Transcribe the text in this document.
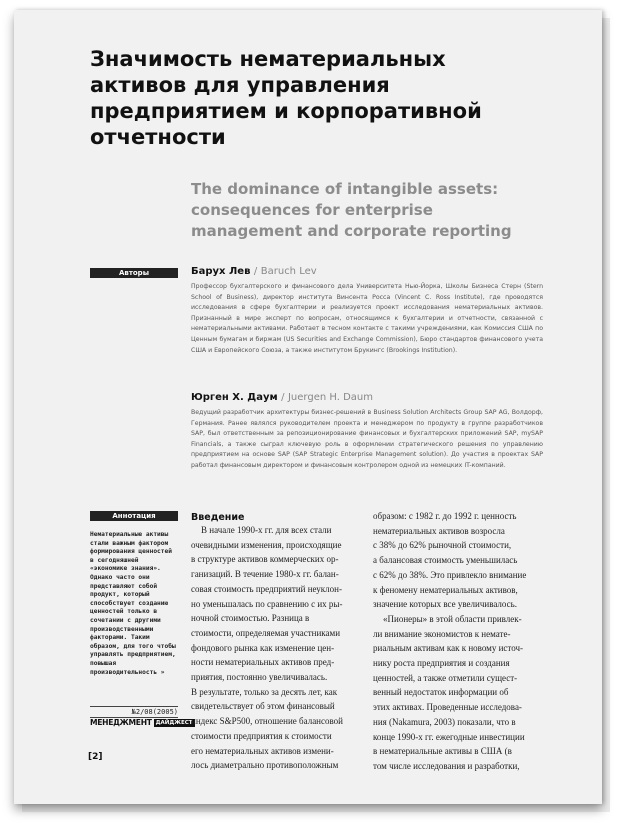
Значимость нематериальных активов для управления предприятием и корпоративной отчетности
The dominance of intangible assets: consequences for enterprise management and corporate reporting
Авторы	Барух Лев / Baruch Lev

Профессор бухгалтерского и финансового дела Университета Нью-Йорка, Школы Бизнеса Стерн (Stern School of Business), директор института Винсента Росса (Vincent C. Ross Institute), где проводятся исследования в сфере бухгалтерии и реализуется проект исследования нематериальных активов. Признанный в мире эксперт по вопросам, относящимся к бухгалтерии и отчетности, связанной с нематериальными активами. Работает в тесном контакте с такими учреждениями, как Комиссия США по Ценным бумагам и биржам (US Securities and Exchange Commission), Бюро стандартов финансового учета США и Европейского Союза, а также институтом Брукингс (Brookings Institution).

Юрген Х. Даум / Juergen H. Daum

Ведущий разработчик архитектуры бизнес-решений в Business Solution Architects Group SAP AG, Волдорф, Германия. Ранее являлся руководителем проекта и менеджером по продукту в группе разработчиков SAP, был ответственным за репозиционирование финансовых и бухгалтерских приложений SAP, mySAP Financials, а также сыграл ключевую роль в оформлении стратегического решения по управлению предприятием на основе SAP (SAP Strategic Enterprise Management solution). До участия в проектах SAP работал финансовым директором и финансовым контролером одной из немецких IT-компаний.

Аннотация

Нематериальные активы стали важным фактором формирования ценностей в сегодняшней «экономике знания». Однако часто они представляют собой продукт, который способствует созданию ценностей только в сочетании с другими производственными факторами. Таким образом, для того чтобы управлять предприятием, повышая производительность »

№2/08(2005)
МЕНЕДЖМЕНТ ДАЙДЖЕСТ
[2]
Введение
В начале 1990-х гг. для всех стали
очевидными изменения, происходящие
в структуре активов коммерческих ор-
ганизаций. В течение 1980-х гг. балан-
совая стоимость предприятий неуклон-
но уменьшалась по сравнению с их ры-
ночной стоимостью. Разница в
стоимости, определяемая участниками
фондового рынка как изменение цен-
ности нематериальных активов пред-
приятия, постоянно увеличивалась.
В результате, только за десять лет, как
свидетельствует об этом финансовый
индекс S&P500, отношение балансовой
стоимости предприятия к стоимости
его нематериальных активов измени-
лось диаметрально противоположным
образом: с 1982 г. до 1992 г. ценность
нематериальных активов возросла
с 38% до 62% рыночной стоимости,
а балансовая стоимость уменьшилась
с 62% до 38%. Это привлекло внимание
к феномену нематериальных активов,
значение которых все увеличивалось.
«Пионеры» в этой области привлек-
ли внимание экономистов к немате-
риальным активам как к новому источ-
нику роста предприятия и создания
ценностей, а также отметили сущест-
венный недостаток информации об
этих активах. Проведенные исследова-
ния (Nakamura, 2003) показали, что в
конце 1990-х гг. ежегодные инвестиции
в нематериальные активы в США (в
том числе исследования и разработки,
